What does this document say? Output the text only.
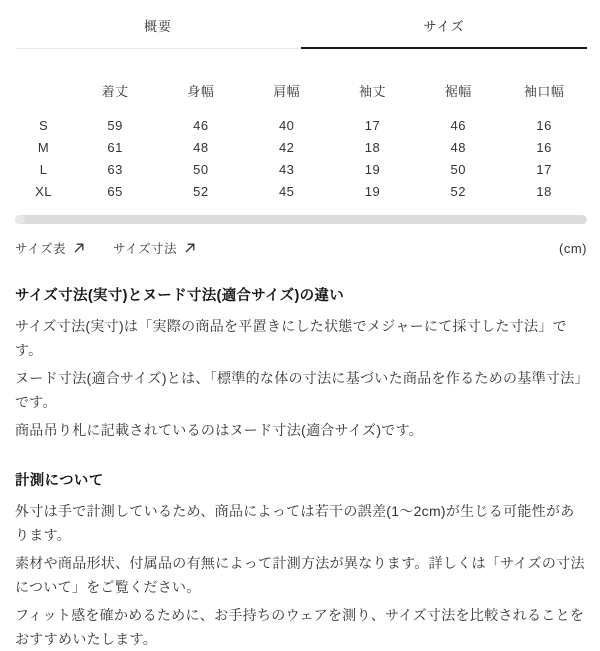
概要	サイズ
	着丈	身幅	肩幅	袖丈	裾幅	袖口幅
S	59	46	40	17	46	16
M	61	48	42	18	48	16
L	63	50	43	19	50	17
XL	65	52	45	19	52	18
サイズ表	サイズ寸法	(cm)
サイズ寸法(実寸)とヌード寸法(適合サイズ)の違い

サイズ寸法(実寸)は「実際の商品を平置きにした状態でメジャーにて採寸した寸法」です。

ヌード寸法(適合サイズ)とは、「標準的な体の寸法に基づいた商品を作るための基準寸法」です。

商品吊り札に記載されているのはヌード寸法(適合サイズ)です。

計測について

外寸は手で計測しているため、商品によっては若干の誤差(1〜2cm)が生じる可能性があります。

素材や商品形状、付属品の有無によって計測方法が異なります。詳しくは「サイズの寸法について」をご覧ください。

フィット感を確かめるために、お手持ちのウェアを測り、サイズ寸法を比較されることをおすすめいたします。
